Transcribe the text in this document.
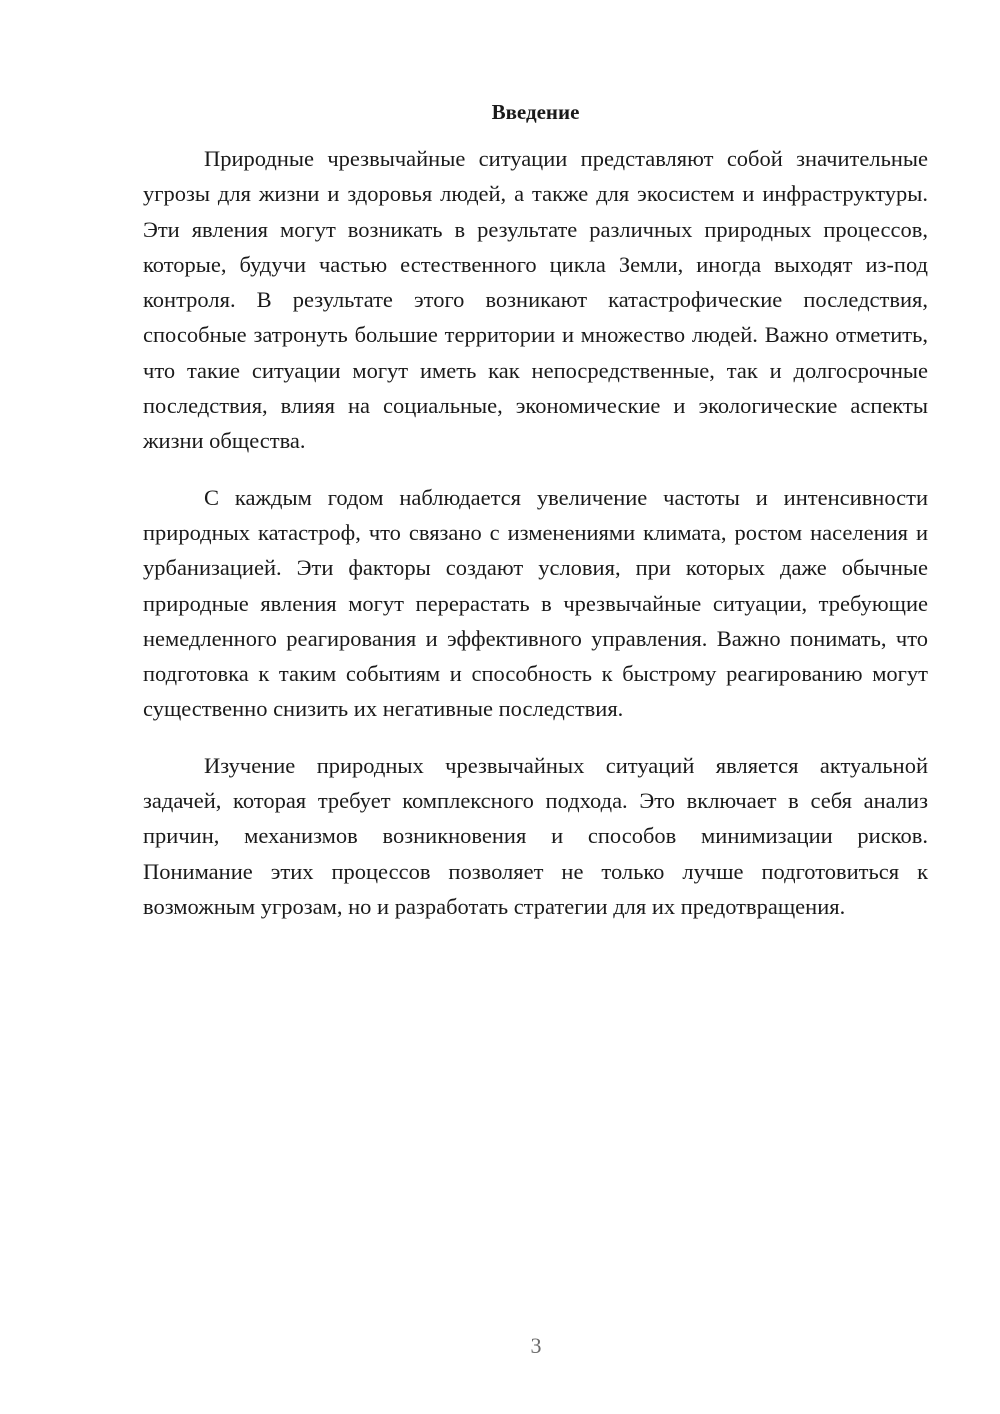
Введение

Природные чрезвычайные ситуации представляют собой значительные угрозы для жизни и здоровья людей, а также для экосистем и инфраструктуры. Эти явления могут возникать в результате различных природных процессов, которые, будучи частью естественного цикла Земли, иногда выходят из-под контроля. В результате этого возникают катастрофические последствия, способные затронуть большие территории и множество людей. Важно отметить, что такие ситуации могут иметь как непосредственные, так и долгосрочные последствия, влияя на социальные, экономические и экологические аспекты жизни общества.

С каждым годом наблюдается увеличение частоты и интенсивности природных катастроф, что связано с изменениями климата, ростом населения и урбанизацией. Эти факторы создают условия, при которых даже обычные природные явления могут перерастать в чрезвычайные ситуации, требующие немедленного реагирования и эффективного управления. Важно понимать, что подготовка к таким событиям и способность к быстрому реагированию могут существенно снизить их негативные последствия.

Изучение природных чрезвычайных ситуаций является актуальной задачей, которая требует комплексного подхода. Это включает в себя анализ причин, механизмов возникновения и способов минимизации рисков. Понимание этих процессов позволяет не только лучше подготовиться к возможным угрозам, но и разработать стратегии для их предотвращения.

3
